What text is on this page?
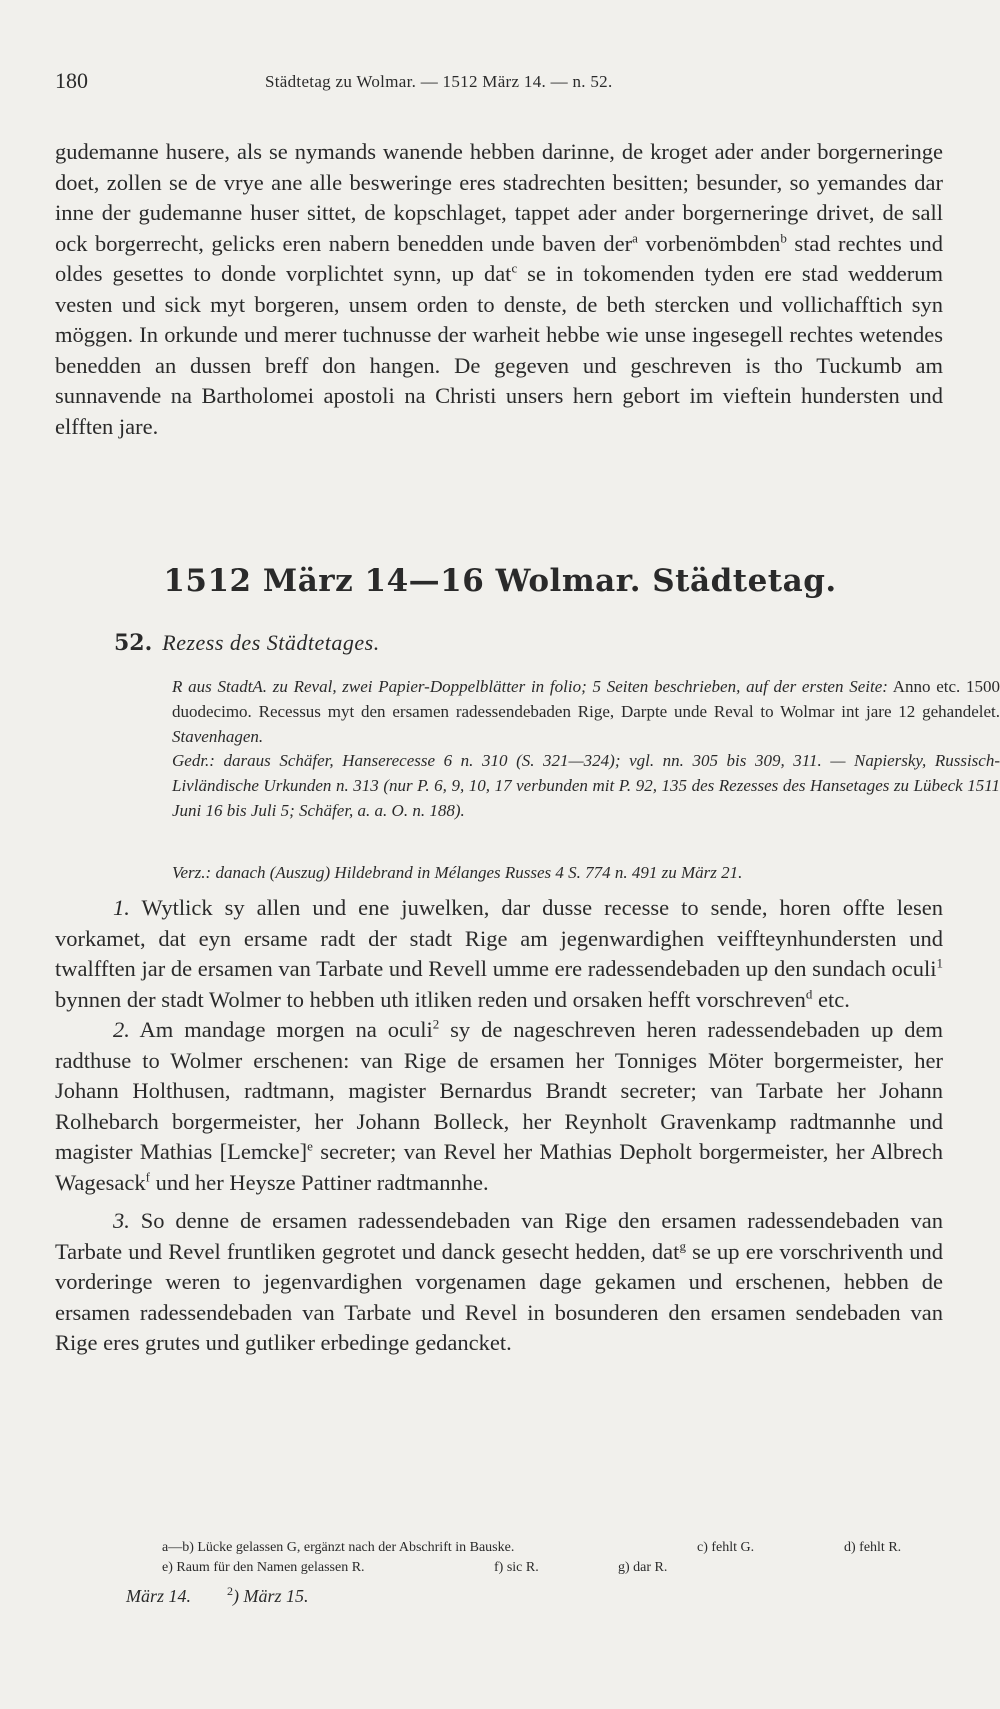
180	Städtetag zu Wolmar. — 1512 März 14. — n. 52.
gudemanne husere, als se nymands wanende hebben darinne, de kroget ader ander borgerneringe doet, zollen se de vrye ane alle beswering​e eres stadrechten besitten; besunder, so yemandes dar inne der gudemanne huser sittet, de kopschlaget, tappet ader ander borgerneringe drivet, de sall ock borgerrecht, gelicks eren nabern benedden unde baven der$^a$ vorbenömbden$^b$ stad rechtes und oldes gesettes to donde vorplichtet synn, up dat$^c$ se in tokomenden tyden ere stad wedderum vesten und sick myt borgeren, unsem orden to denste, de beth stercken und vollichafftich syn möggen. In orkunde und merer tuchnusse der warheit hebbe wie unse ingesegell rechtes wetendes benedden an dussen breff don hangen. De gegeven und geschreven is tho Tuckumb am sunnavende na Bartholomei apostoli na Christi unsers hern gebort im vieftein hundersten und elfften jare.
1512 März 14—16 Wolmar. Städtetag.
52. Rezess des Städtetages.
R aus StadtA. zu Reval, zwei Papier-Doppelblätter in folio; 5 Seiten beschrieben, auf der ersten Seite: Anno etc. 1500 duodecimo. Recessus myt den ersamen radessendebaden Rige, Darpte unde Reval to Wolmar int jare 12 gehandelet. Stavenhagen.
Gedr.: daraus Schäfer, Hanserecesse 6 n. 310 (S. 321—324); vgl. nn. 305 bis 309, 311. — Napiersky, Russisch-Livländische Urkunden n. 313 (nur P. 6, 9, 10, 17 verbunden mit P. 92, 135 des Rezesses des Hansetages zu Lübeck 1511 Juni 16 bis Juli 5; Schäfer, a. a. O. n. 188).
Verz.: danach (Auszug) Hildebrand in Mélanges Russes 4 S. 774 n. 491 zu März 21.
1. Wytlick sy allen und ene juwelken, dar dusse recesse to sende, horen offte lesen vorkamet, dat eyn ersame radt der stadt Rige am jegenwardighen veiffteynhundersten und twalfften jar de ersamen van Tarbate und Revell umme ere radessendebaden up den sundach oculi$^1$ bynnen der stadt Wolmer to hebben uth itliken reden und orsaken hefft vorschreven$^d$ etc.
2. Am mandage morgen na oculi$^2$ sy de nageschreven heren radessendebaden up dem radthuse to Wolmer erschenen: van Rige de ersamen her Tonniges Möter borgermeister, her Johann Holthusen, radtmann, magister Bernardus Brandt secreter; van Tarbate her Johann Rolhebarch borgermeister, her Johann Bolleck, her Reynholt Gravenkamp radtmannhe und magister Mathias [Lemcke]$^e$ secreter; van Revel her Mathias Depholt borgermeister, her Albrech Wagesack$^f$ und her Heysze Pattiner radtmannhe.
3. So denne de ersamen radessendebaden van Rige den ersamen radessendebaden van Tarbate und Revel fruntliken gegrotet und danck gesecht hedden, dat$^g$ se up ere vorschriventh und vorderinge weren to jegenvardighen vorgenamen dage gekamen und erschenen, hebben de ersamen radessendebaden van Tarbate und Revel in bosunderen den ersamen sendebaden van Rige eres grutes und gutliker erbedinge gedancket.
a—b) Lücke gelassen G, ergänzt nach der Abschrift in Bauske.	c) fehlt G.	d) fehlt R.
e) Raum für den Namen gelassen R.	f) sic R.	g) dar R.
März 14.	$^2$) März 15.
